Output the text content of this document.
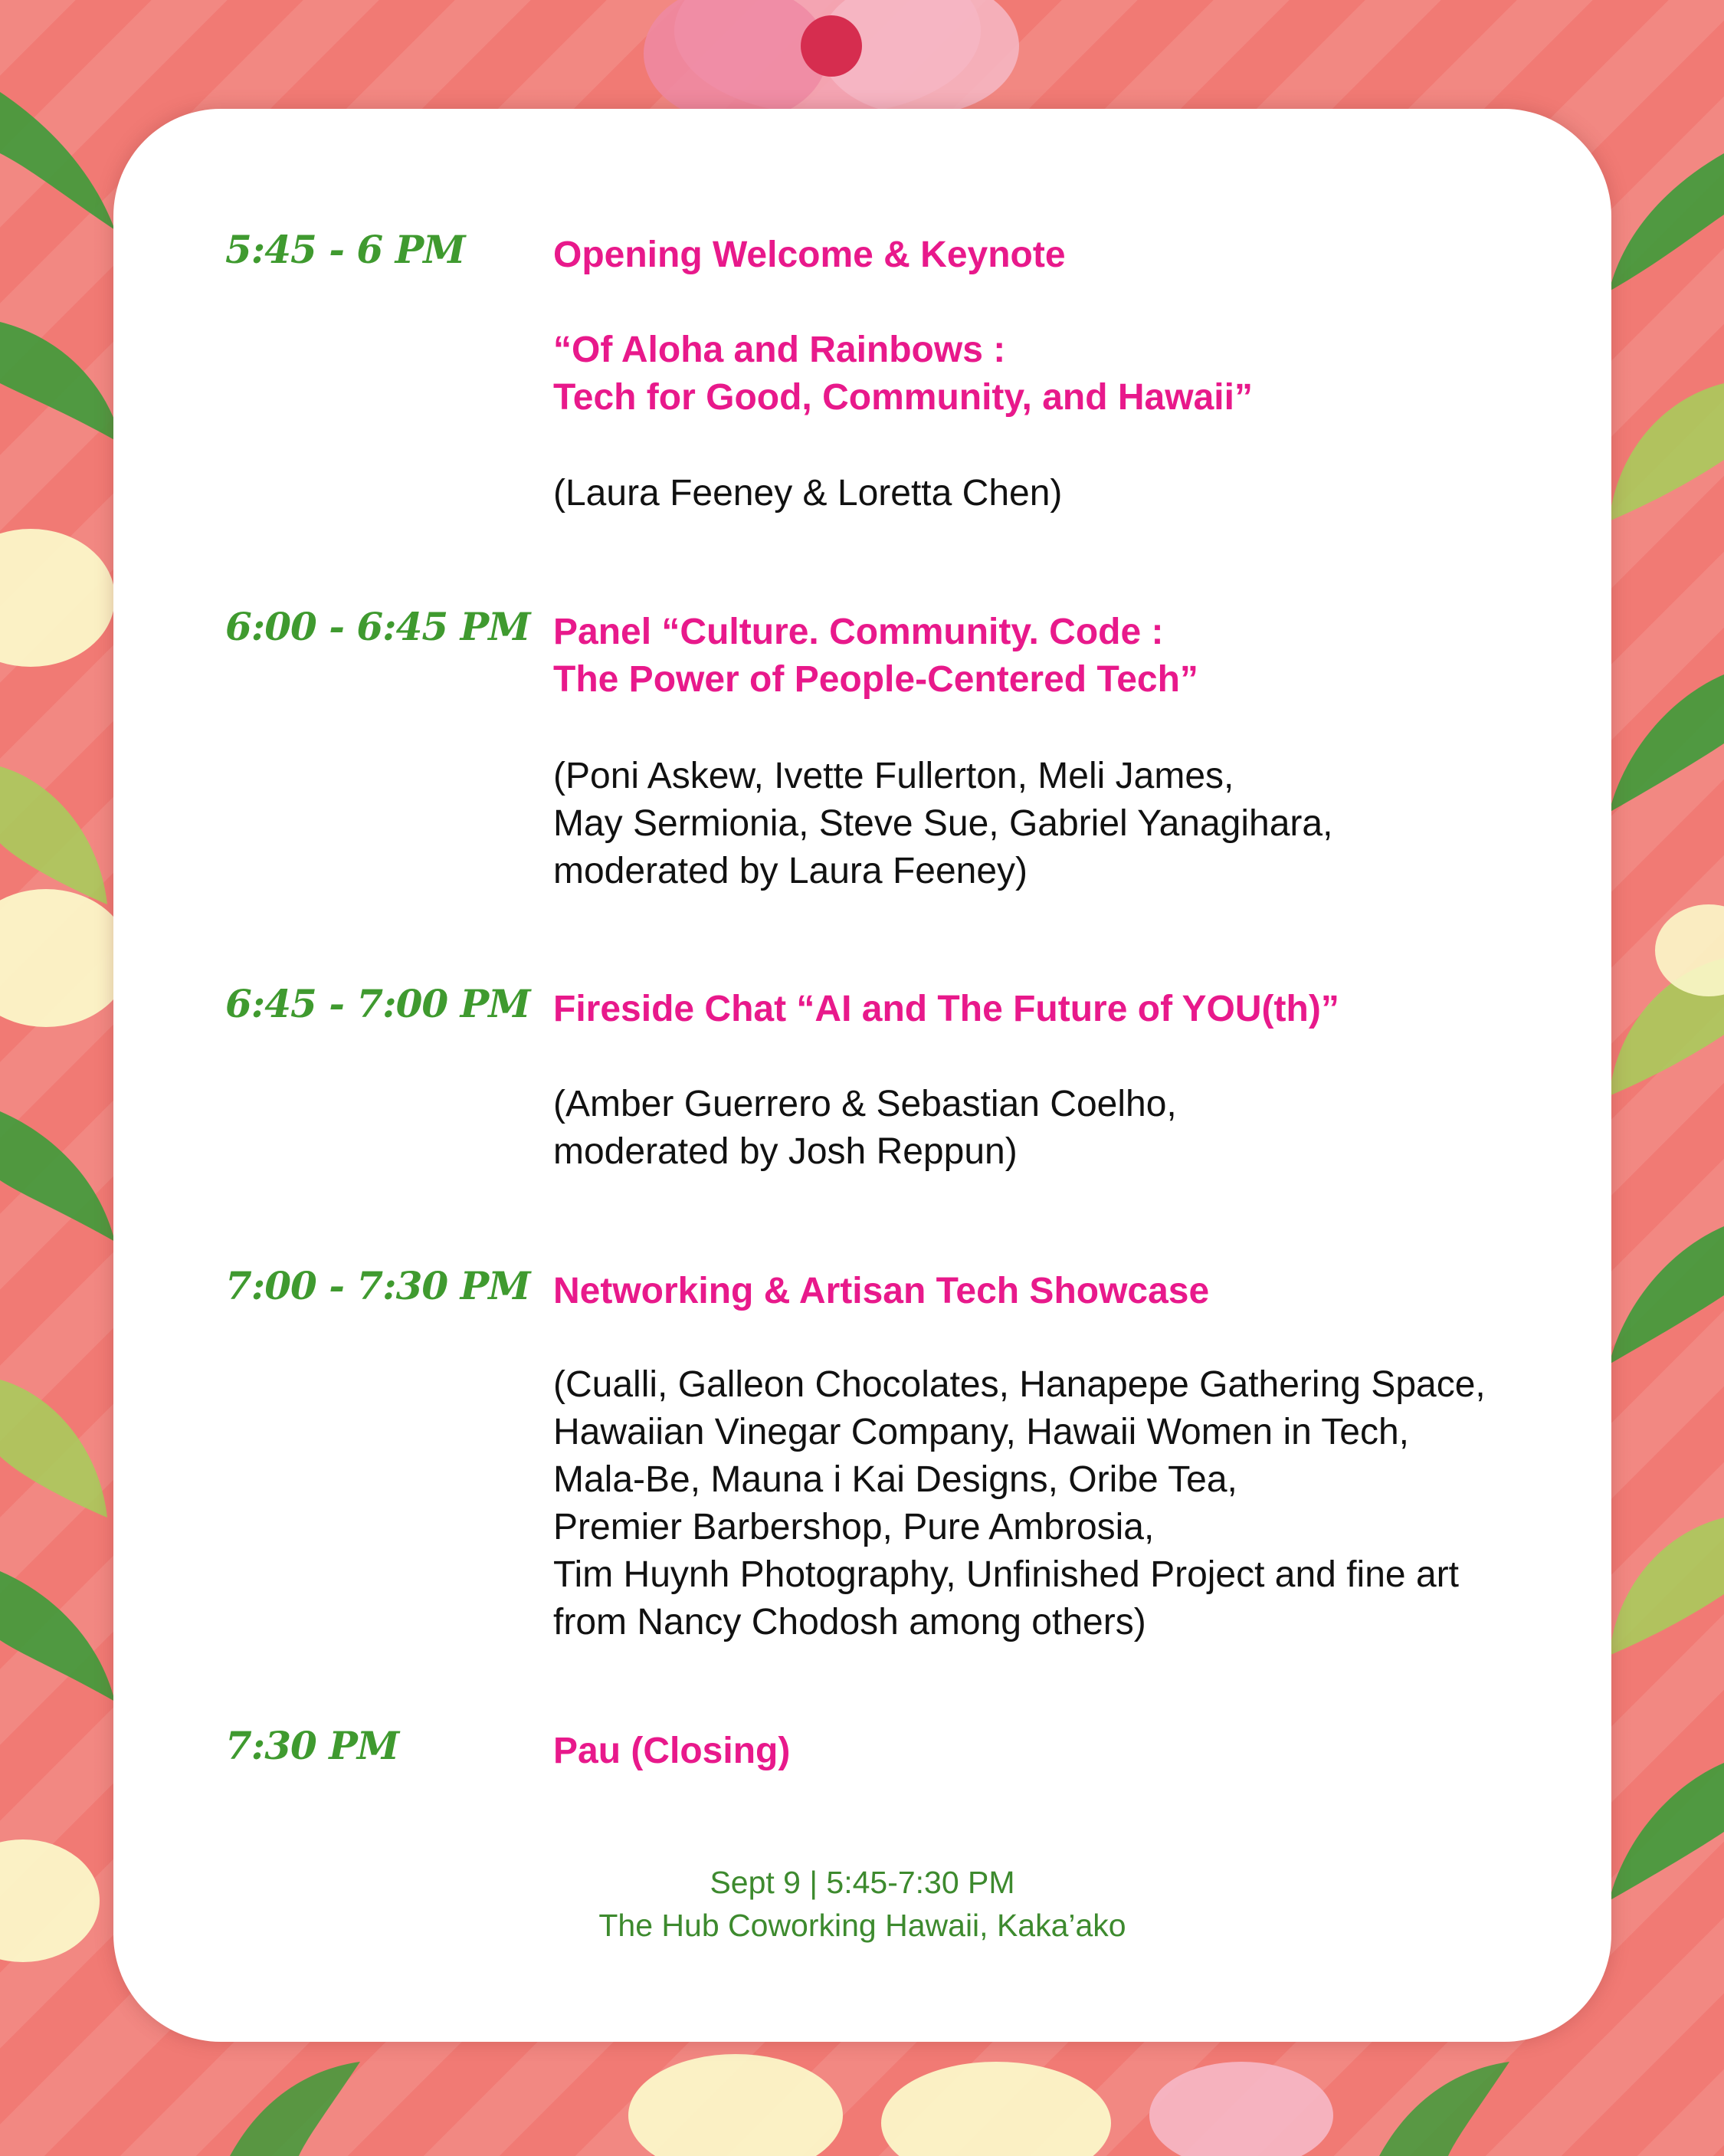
5:45 - 6 PM Opening Welcome & Keynote
“Of Aloha and Rainbows :
Tech for Good, Community, and Hawaii”
(Laura Feeney & Loretta Chen)
6:00 - 6:45 PM Panel “Culture. Community. Code :
The Power of People-Centered Tech”
(Poni Askew, Ivette Fullerton, Meli James,
May Sermionia, Steve Sue, Gabriel Yanagihara,
moderated by Laura Feeney)
6:45 - 7:00 PM Fireside Chat “AI and The Future of YOU(th)”
(Amber Guerrero & Sebastian Coelho,
moderated by Josh Reppun)
7:00 - 7:30 PM Networking & Artisan Tech Showcase
(Cualli, Galleon Chocolates, Hanapepe Gathering Space,
Hawaiian Vinegar Company, Hawaii Women in Tech,
Mala-Be, Mauna i Kai Designs, Oribe Tea,
Premier Barbershop, Pure Ambrosia,
Tim Huynh Photography, Unfinished Project and fine art
from Nancy Chodosh among others)
7:30 PM	Pau (Closing)
Sept 9 | 5:45-7:30 PM
The Hub Coworking Hawaii, Kaka’ako
